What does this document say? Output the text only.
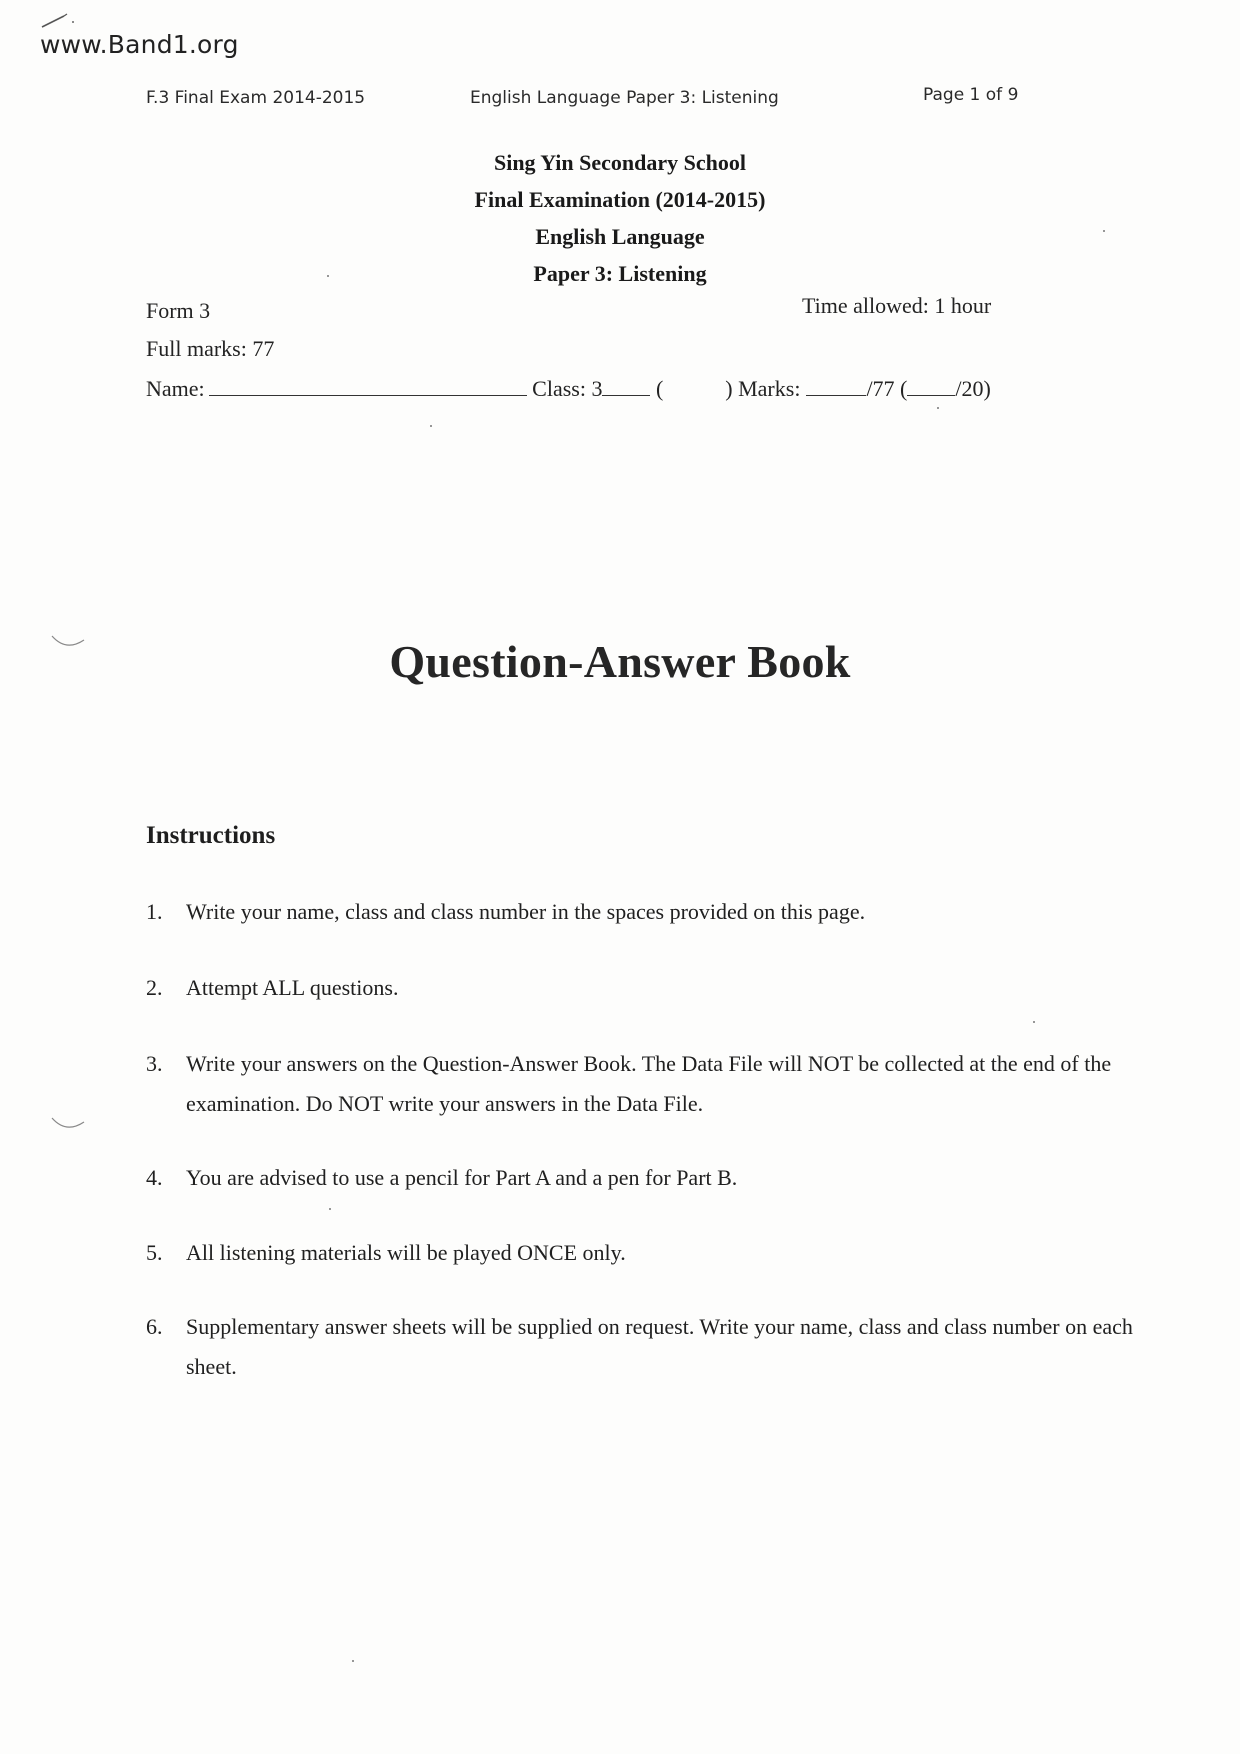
www.Band1.org
F.3 Final Exam 2014-2015	English Language Paper 3: Listening	Page 1 of 9
Sing Yin Secondary School
Final Examination (2014-2015)
English Language
Paper 3: Listening
Form 3	Time allowed: 1 hour
Full marks: 77
Name:	Class: 3 (	) Marks:	/77 ( /20)
Question-Answer Book
Instructions
1. Write your name, class and class number in the spaces provided on this page.
2. Attempt ALL questions.
3. Write your answers on the Question-Answer Book. The Data File will NOT be collected at the end of the examination. Do NOT write your answers in the Data File.
4. You are advised to use a pencil for Part A and a pen for Part B.
5. All listening materials will be played ONCE only.
6. Supplementary answer sheets will be supplied on request. Write your name, class and class number on each sheet.
